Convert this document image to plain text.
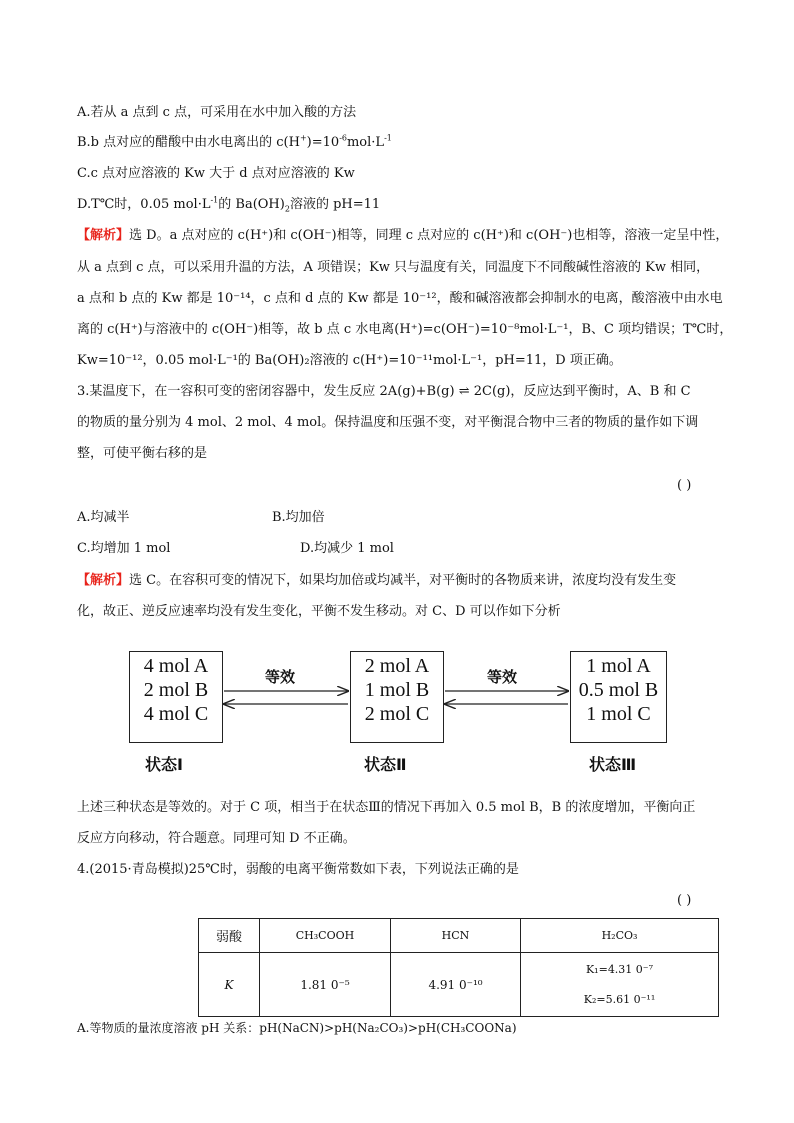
A.若从 a 点到 c 点，可采用在水中加入酸的方法
B.b 点对应的醋酸中由水电离出的 $c(H^+)=10^{-6}mol\cdot L^{-1}$
C.c 点对应溶液的 Kw 大于 d 点对应溶液的 Kw
D.T℃时，0.05 $mol\cdot L^{-1}$的 $Ba(OH)_2$溶液的 pH=11
【解析】选 D。a 点对应的 c(H⁺)和 c(OH⁻)相等，同理 c 点对应的 c(H⁺)和 c(OH⁻)也相等，溶液一定呈中性，
从 a 点到 c 点，可以采用升温的方法，A 项错误；Kw 只与温度有关，同温度下不同酸碱性溶液的 Kw 相同，
a 点和 b 点的 Kw 都是 10⁻¹⁴，c 点和 d 点的 Kw 都是 10⁻¹²，酸和碱溶液都会抑制水的电离，酸溶液中由水电
离的 c(H⁺)与溶液中的 c(OH⁻)相等，故 b 点 c 水电离(H⁺)=c(OH⁻)=10⁻⁸mol·L⁻¹，B、C 项均错误；T℃时，
Kw=10⁻¹²，0.05 mol·L⁻¹的 Ba(OH)₂溶液的 c(H⁺)=10⁻¹¹mol·L⁻¹，pH=11，D 项正确。
3.某温度下，在一容积可变的密闭容器中，发生反应 2A(g)+B(g) ⇌ 2C(g)，反应达到平衡时，A、B 和 C
的物质的量分别为 4 mol、2 mol、4 mol。保持温度和压强不变，对平衡混合物中三者的物质的量作如下调
整，可使平衡右移的是
( )
A.均减半	B.均加倍
C.均增加 1 mol	D.均减少 1 mol
【解析】选 C。在容积可变的情况下，如果均加倍或均减半，对平衡时的各物质来讲，浓度均没有发生变
化，故正、逆反应速率均没有发生变化，平衡不发生移动。对 C、D 可以作如下分析
4 mol A
2 mol B
4 mol C
2 mol A
1 mol B
2 mol C
1 mol A
0.5 mol B
1 mol C
等效	等效
状态Ⅰ	状态Ⅱ	状态Ⅲ
上述三种状态是等效的。对于 C 项，相当于在状态Ⅲ的情况下再加入 0.5 mol B，B 的浓度增加，平衡向正
反应方向移动，符合题意。同理可知 D 不正确。
4.(2015·青岛模拟)25℃时，弱酸的电离平衡常数如下表，下列说法正确的是
( )
弱酸	CH₃COOH	HCN	H₂CO₃
K	1.81 0⁻⁵	4.91 0⁻¹⁰	K₁=4.31 0⁻⁷
K₂=5.61 0⁻¹¹
A.等物质的量浓度溶液 pH 关系：pH(NaCN)>pH(Na₂CO₃)>pH(CH₃COONa)
